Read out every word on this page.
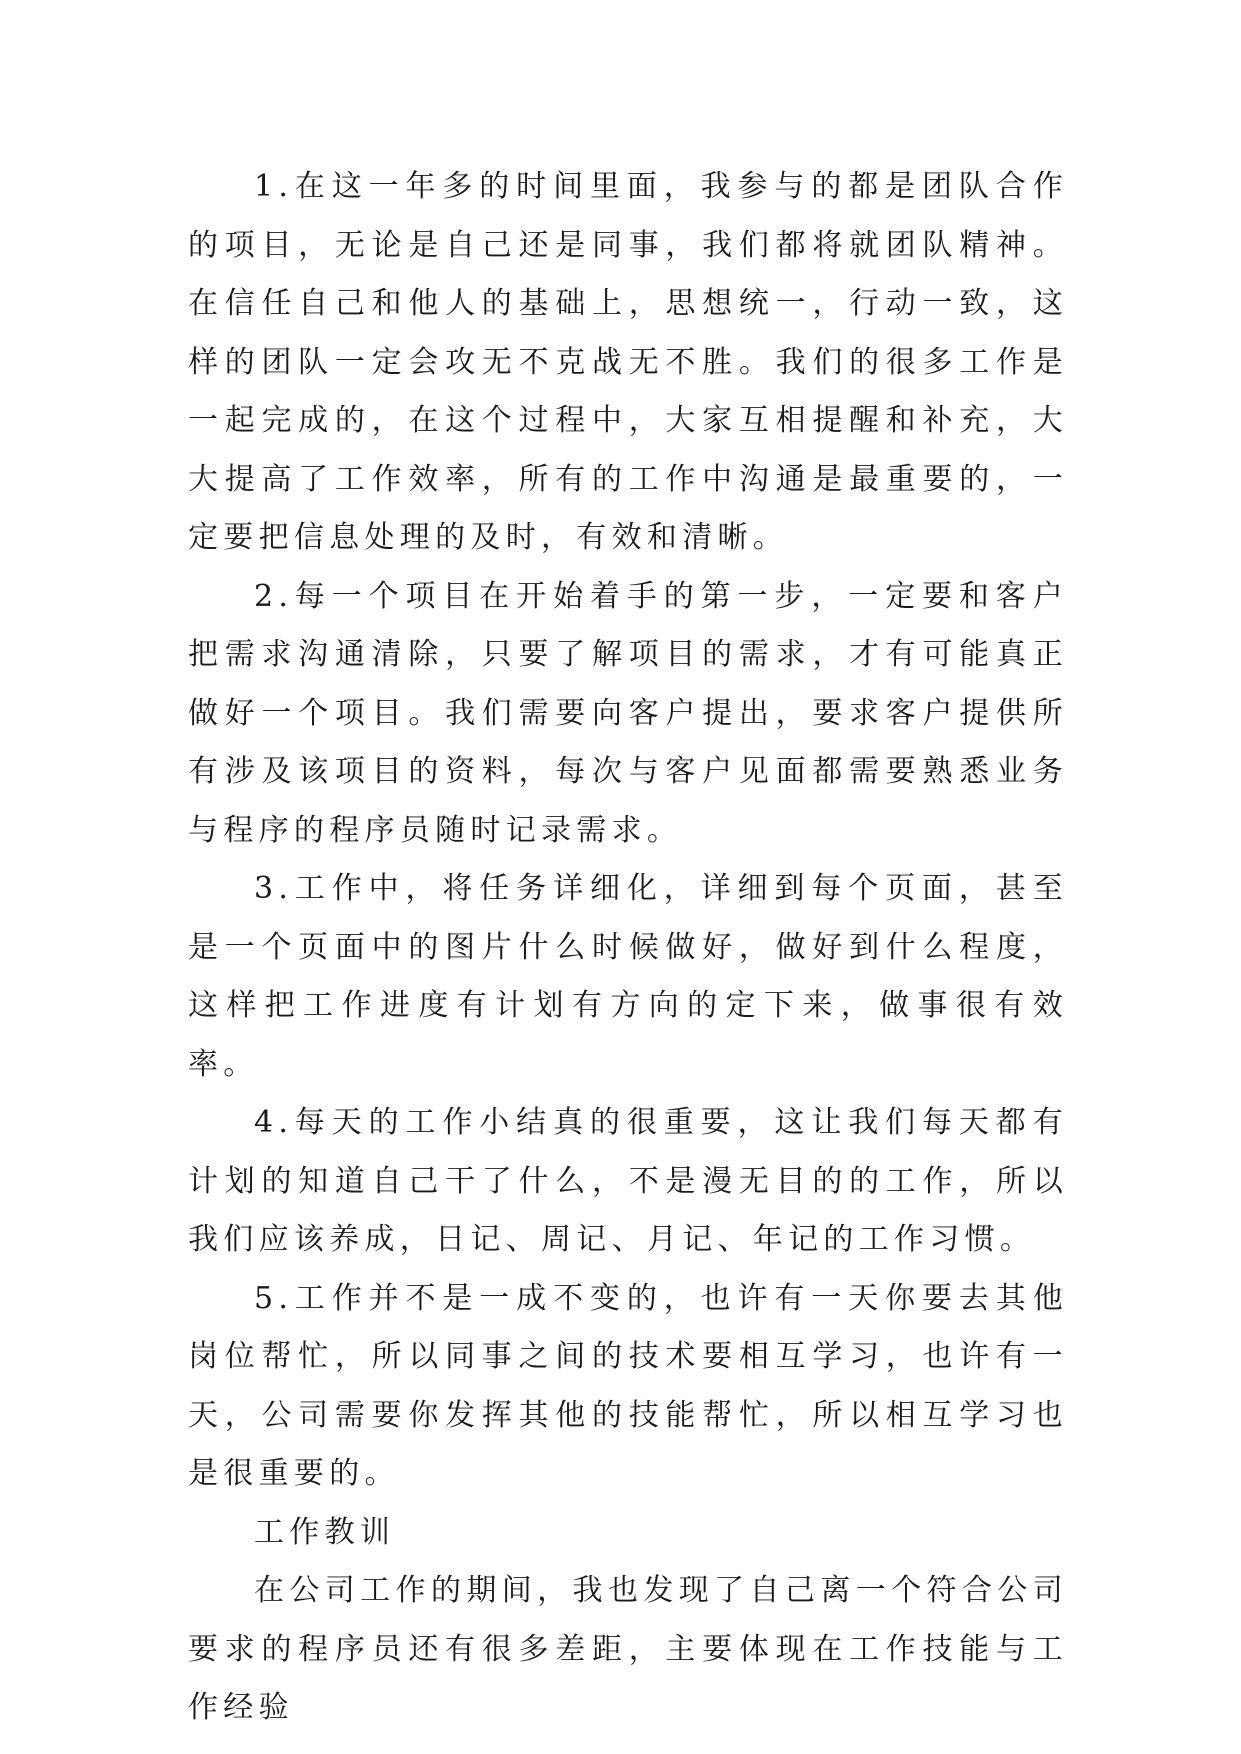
1.在这一年多的时间里面，我参与的都是团队合作的项目，无论是自己还是同事，我们都将就团队精神。在信任自己和他人的基础上，思想统一，行动一致，这样的团队一定会攻无不克战无不胜。我们的很多工作是一起完成的，在这个过程中，大家互相提醒和补充，大大提高了工作效率，所有的工作中沟通是最重要的，一定要把信息处理的及时，有效和清晰。

2.每一个项目在开始着手的第一步，一定要和客户把需求沟通清除，只要了解项目的需求，才有可能真正做好一个项目。我们需要向客户提出，要求客户提供所有涉及该项目的资料，每次与客户见面都需要熟悉业务与程序的程序员随时记录需求。

3.工作中，将任务详细化，详细到每个页面，甚至是一个页面中的图片什么时候做好，做好到什么程度，这样把工作进度有计划有方向的定下来，做事很有效率。

4.每天的工作小结真的很重要，这让我们每天都有计划的知道自己干了什么，不是漫无目的的工作，所以我们应该养成，日记、周记、月记、年记的工作习惯。

5.工作并不是一成不变的，也许有一天你要去其他岗位帮忙，所以同事之间的技术要相互学习，也许有一天，公司需要你发挥其他的技能帮忙，所以相互学习也是很重要的。

工作教训

在公司工作的期间，我也发现了自己离一个符合公司要求的程序员还有很多差距，主要体现在工作技能与工作经验
